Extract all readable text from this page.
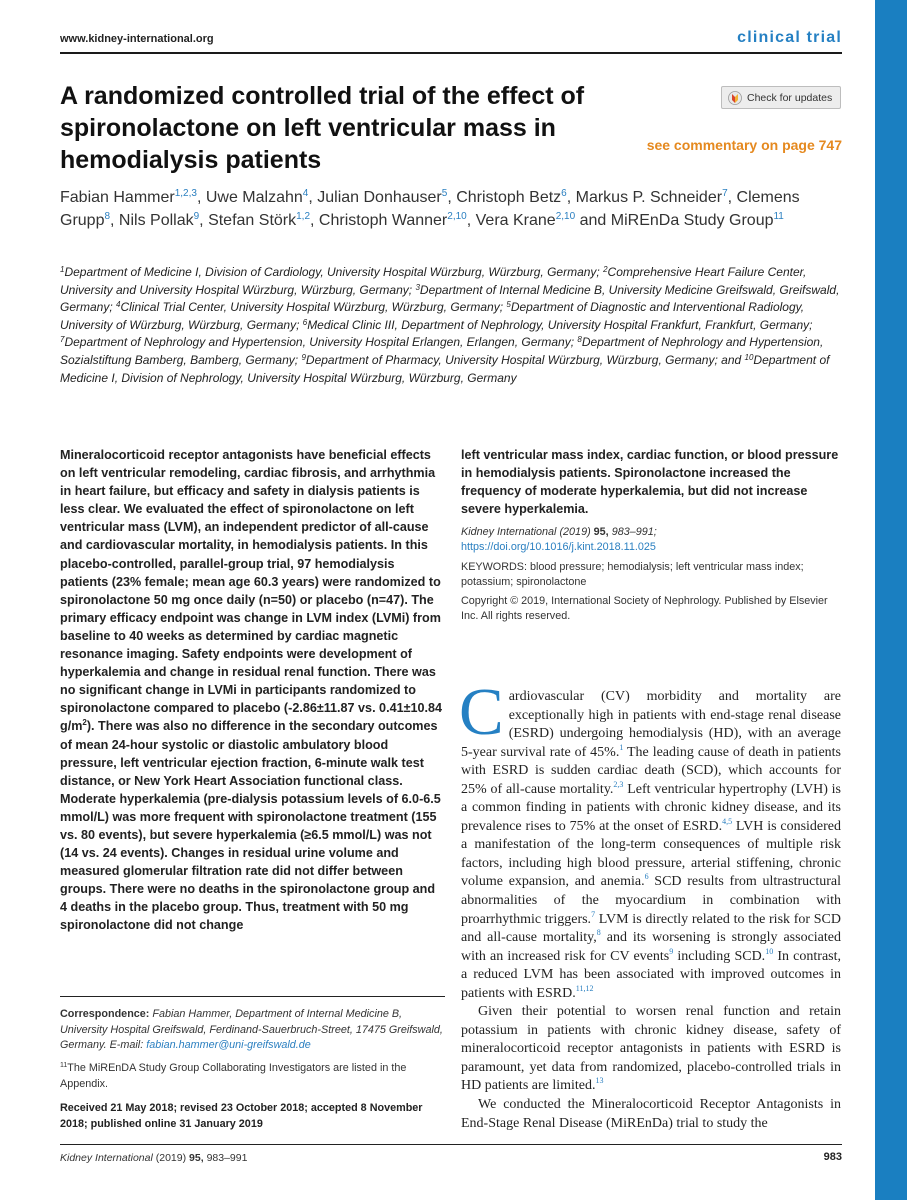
www.kidney-international.org	clinical trial
A randomized controlled trial of the effect of spironolactone on left ventricular mass in hemodialysis patients
Check for updates
see commentary on page 747

Fabian Hammer$^{1,2,3}$, Uwe Malzahn$^4$, Julian Donhauser$^5$, Christoph Betz$^6$, Markus P. Schneider$^7$, Clemens Grupp$^8$, Nils Pollak$^9$, Stefan Störk$^{1,2}$, Christoph Wanner$^{2,10}$, Vera Krane$^{2,10}$ and MiREnDa Study Group$^{11}$

$^1$Department of Medicine I, Division of Cardiology, University Hospital Würzburg, Würzburg, Germany; $^2$Comprehensive Heart Failure Center, University and University Hospital Würzburg, Würzburg, Germany; $^3$Department of Internal Medicine B, University Medicine Greifswald, Greifswald, Germany; $^4$Clinical Trial Center, University Hospital Würzburg, Würzburg, Germany; $^5$Department of Diagnostic and Interventional Radiology, University of Würzburg, Würzburg, Germany; $^6$Medical Clinic III, Department of Nephrology, University Hospital Frankfurt, Frankfurt, Germany; $^7$Department of Nephrology and Hypertension, University Hospital Erlangen, Erlangen, Germany; $^8$Department of Nephrology and Hypertension, Sozialstiftung Bamberg, Bamberg, Germany; $^9$Department of Pharmacy, University Hospital Würzburg, Würzburg, Germany; and $^{10}$Department of Medicine I, Division of Nephrology, University Hospital Würzburg, Würzburg, Germany

Mineralocorticoid receptor antagonists have beneficial effects on left ventricular remodeling, cardiac fibrosis, and arrhythmia in heart failure, but efficacy and safety in dialysis patients is less clear. We evaluated the effect of spironolactone on left ventricular mass (LVM), an independent predictor of all-cause and cardiovascular mortality, in hemodialysis patients. In this placebo-controlled, parallel-group trial, 97 hemodialysis patients (23% female; mean age 60.3 years) were randomized to spironolactone 50 mg once daily (n=50) or placebo (n=47). The primary efficacy endpoint was change in LVM index (LVMi) from baseline to 40 weeks as determined by cardiac magnetic resonance imaging. Safety endpoints were development of hyperkalemia and change in residual renal function. There was no significant change in LVMi in participants randomized to spironolactone compared to placebo (-2.86±11.87 vs. 0.41±10.84 $g/m^2$). There was also no difference in the secondary outcomes of mean 24-hour systolic or diastolic ambulatory blood pressure, left ventricular ejection fraction, 6-minute walk test distance, or New York Heart Association functional class. Moderate hyperkalemia (pre-dialysis potassium levels of 6.0-6.5 mmol/L) was more frequent with spironolactone treatment (155 vs. 80 events), but severe hyperkalemia (≥6.5 mmol/L) was not (14 vs. 24 events). Changes in residual urine volume and measured glomerular filtration rate did not differ between groups. There were no deaths in the spironolactone group and 4 deaths in the placebo group. Thus, treatment with 50 mg spironolactone did not change

left ventricular mass index, cardiac function, or blood pressure in hemodialysis patients. Spironolactone increased the frequency of moderate hyperkalemia, but did not increase severe hyperkalemia.

Kidney International (2019) 95, 983–991; https://doi.org/10.1016/j.kint.2018.11.025
KEYWORDS: blood pressure; hemodialysis; left ventricular mass index; potassium; spironolactone
Copyright © 2019, International Society of Nephrology. Published by Elsevier Inc. All rights reserved.

Cardiovascular (CV) morbidity and mortality are exceptionally high in patients with end-stage renal disease (ESRD) undergoing hemodialysis (HD), with an average 5-year survival rate of 45%.$^1$ The leading cause of death in patients with ESRD is sudden cardiac death (SCD), which accounts for 25% of all-cause mortality.$^{2,3}$ Left ventricular hypertrophy (LVH) is a common finding in patients with chronic kidney disease, and its prevalence rises to 75% at the onset of ESRD.$^{4,5}$ LVH is considered a manifestation of the long-term consequences of multiple risk factors, including high blood pressure, arterial stiffening, chronic volume expansion, and anemia.$^6$ SCD results from ultrastructural abnormalities of the myocardium in combination with proarrhythmic triggers.$^7$ LVM is directly related to the risk for SCD and all-cause mortality,$^8$ and its worsening is strongly associated with an increased risk for CV events$^9$ including SCD.$^{10}$ In contrast, a reduced LVM has been associated with improved outcomes in patients with ESRD.$^{11,12}$

Given their potential to worsen renal function and retain potassium in patients with chronic kidney disease, safety of mineralocorticoid receptor antagonists in patients with ESRD is paramount, yet data from randomized, placebo-controlled trials in HD patients are limited.$^{13}$

We conducted the Mineralocorticoid Receptor Antagonists in End-Stage Renal Disease (MiREnDa) trial to study the

Correspondence: Fabian Hammer, Department of Internal Medicine B, University Hospital Greifswald, Ferdinand-Sauerbruch-Street, 17475 Greifswald, Germany. E-mail: fabian.hammer@uni-greifswald.de
$^{11}$The MiREnDA Study Group Collaborating Investigators are listed in the Appendix.
Received 21 May 2018; revised 23 October 2018; accepted 8 November 2018; published online 31 January 2019
Kidney International (2019) 95, 983–991	983
